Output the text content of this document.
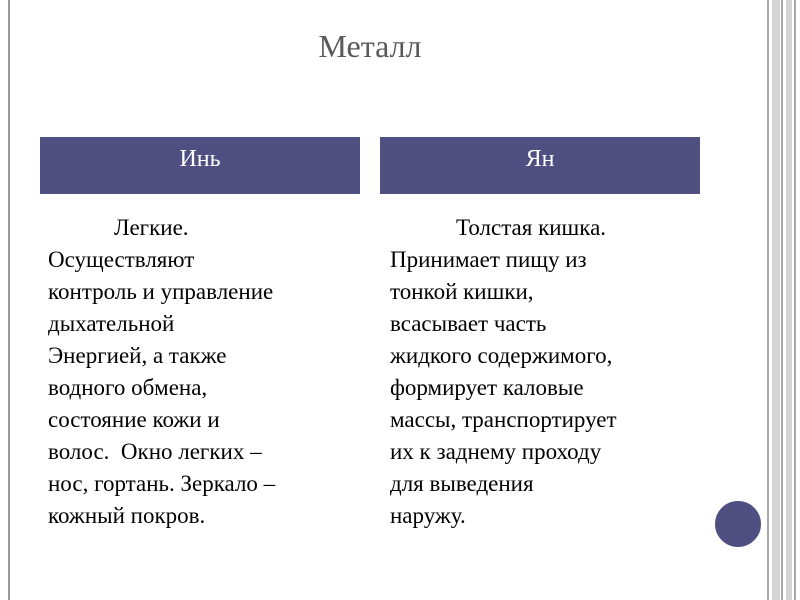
Металл
Инь	Ян
Легкие.
Осуществляют
контроль и управление
дыхательной
Энергией, а также
водного обмена,
состояние кожи и
волос.  Окно легких –
нос, гортань. Зеркало –
кожный покров.
Толстая кишка.
Принимает пищу из
тонкой кишки,
всасывает часть
жидкого содержимого,
формирует каловые
массы, транспортирует
их к заднему проходу
для выведения
наружу.
